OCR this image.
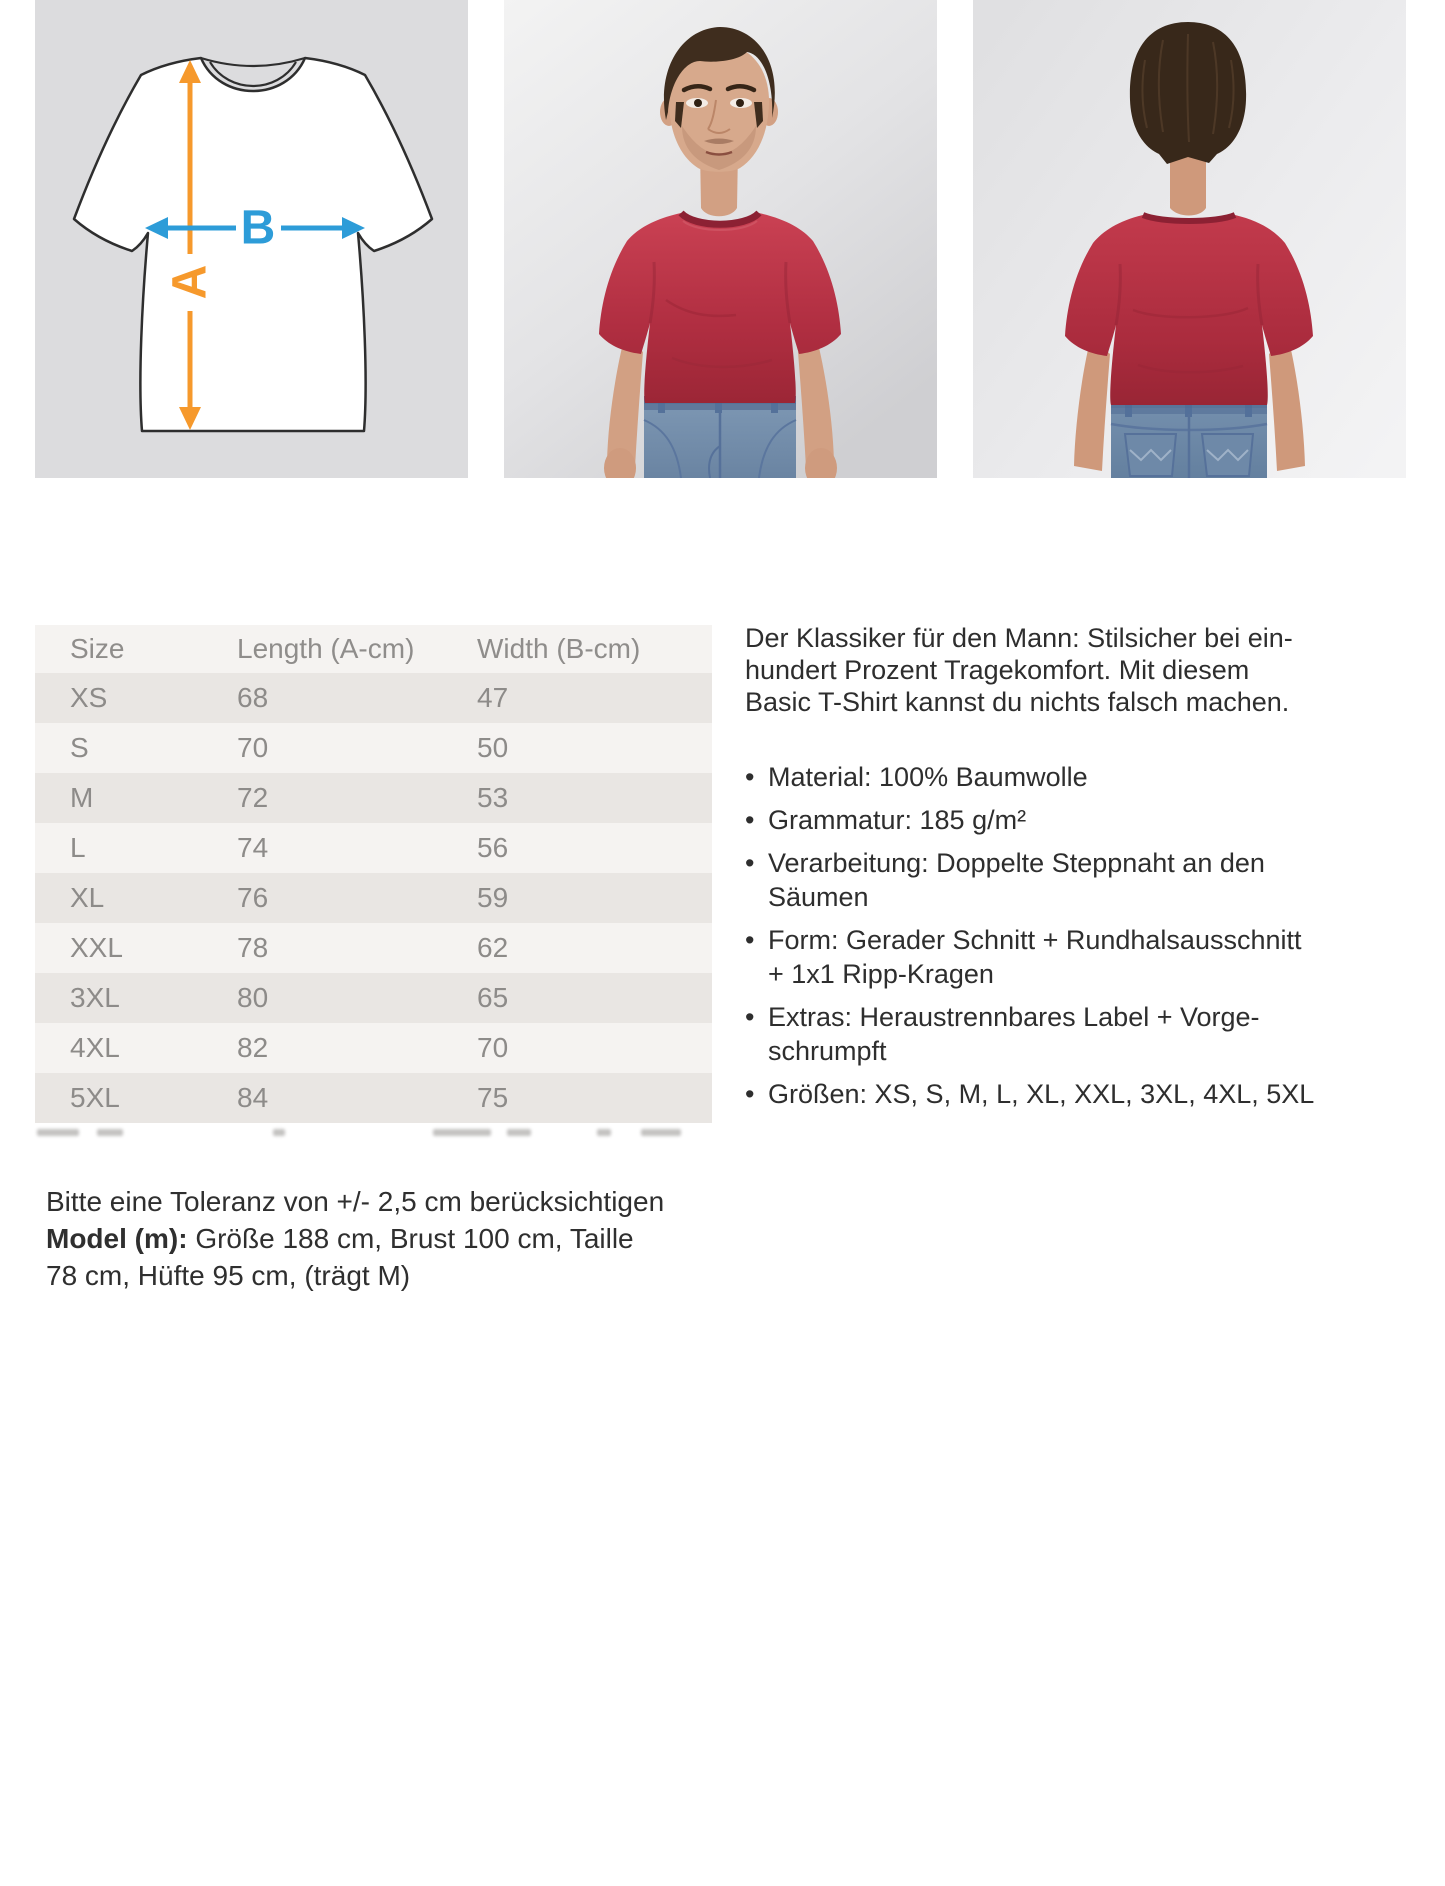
A
B
Size	Length (A-cm)	Width (B-cm)
XS	68	47
S	70	50
M	72	53
L	74	56
XL	76	59
XXL	78	62
3XL	80	65
4XL	82	70
5XL	84	75
Bitte eine Toleranz von +/- 2,5 cm berücksichtigen
Model (m): Größe 188 cm, Brust 100 cm, Taille
78 cm, Hüfte 95 cm, (trägt M)
Der Klassiker für den Mann: Stilsicher bei ein-
hundert Prozent Tragekomfort. Mit diesem
Basic T-Shirt kannst du nichts falsch machen.
• Material: 100% Baumwolle
• Grammatur: 185 g/m²
• Verarbeitung: Doppelte Steppnaht an den
Säumen
• Form: Gerader Schnitt + Rundhalsausschnitt
+ 1x1 Ripp-Kragen
• Extras: Heraustrennbares Label + Vorge-
schrumpft
• Größen: XS, S, M, L, XL, XXL, 3XL, 4XL, 5XL
